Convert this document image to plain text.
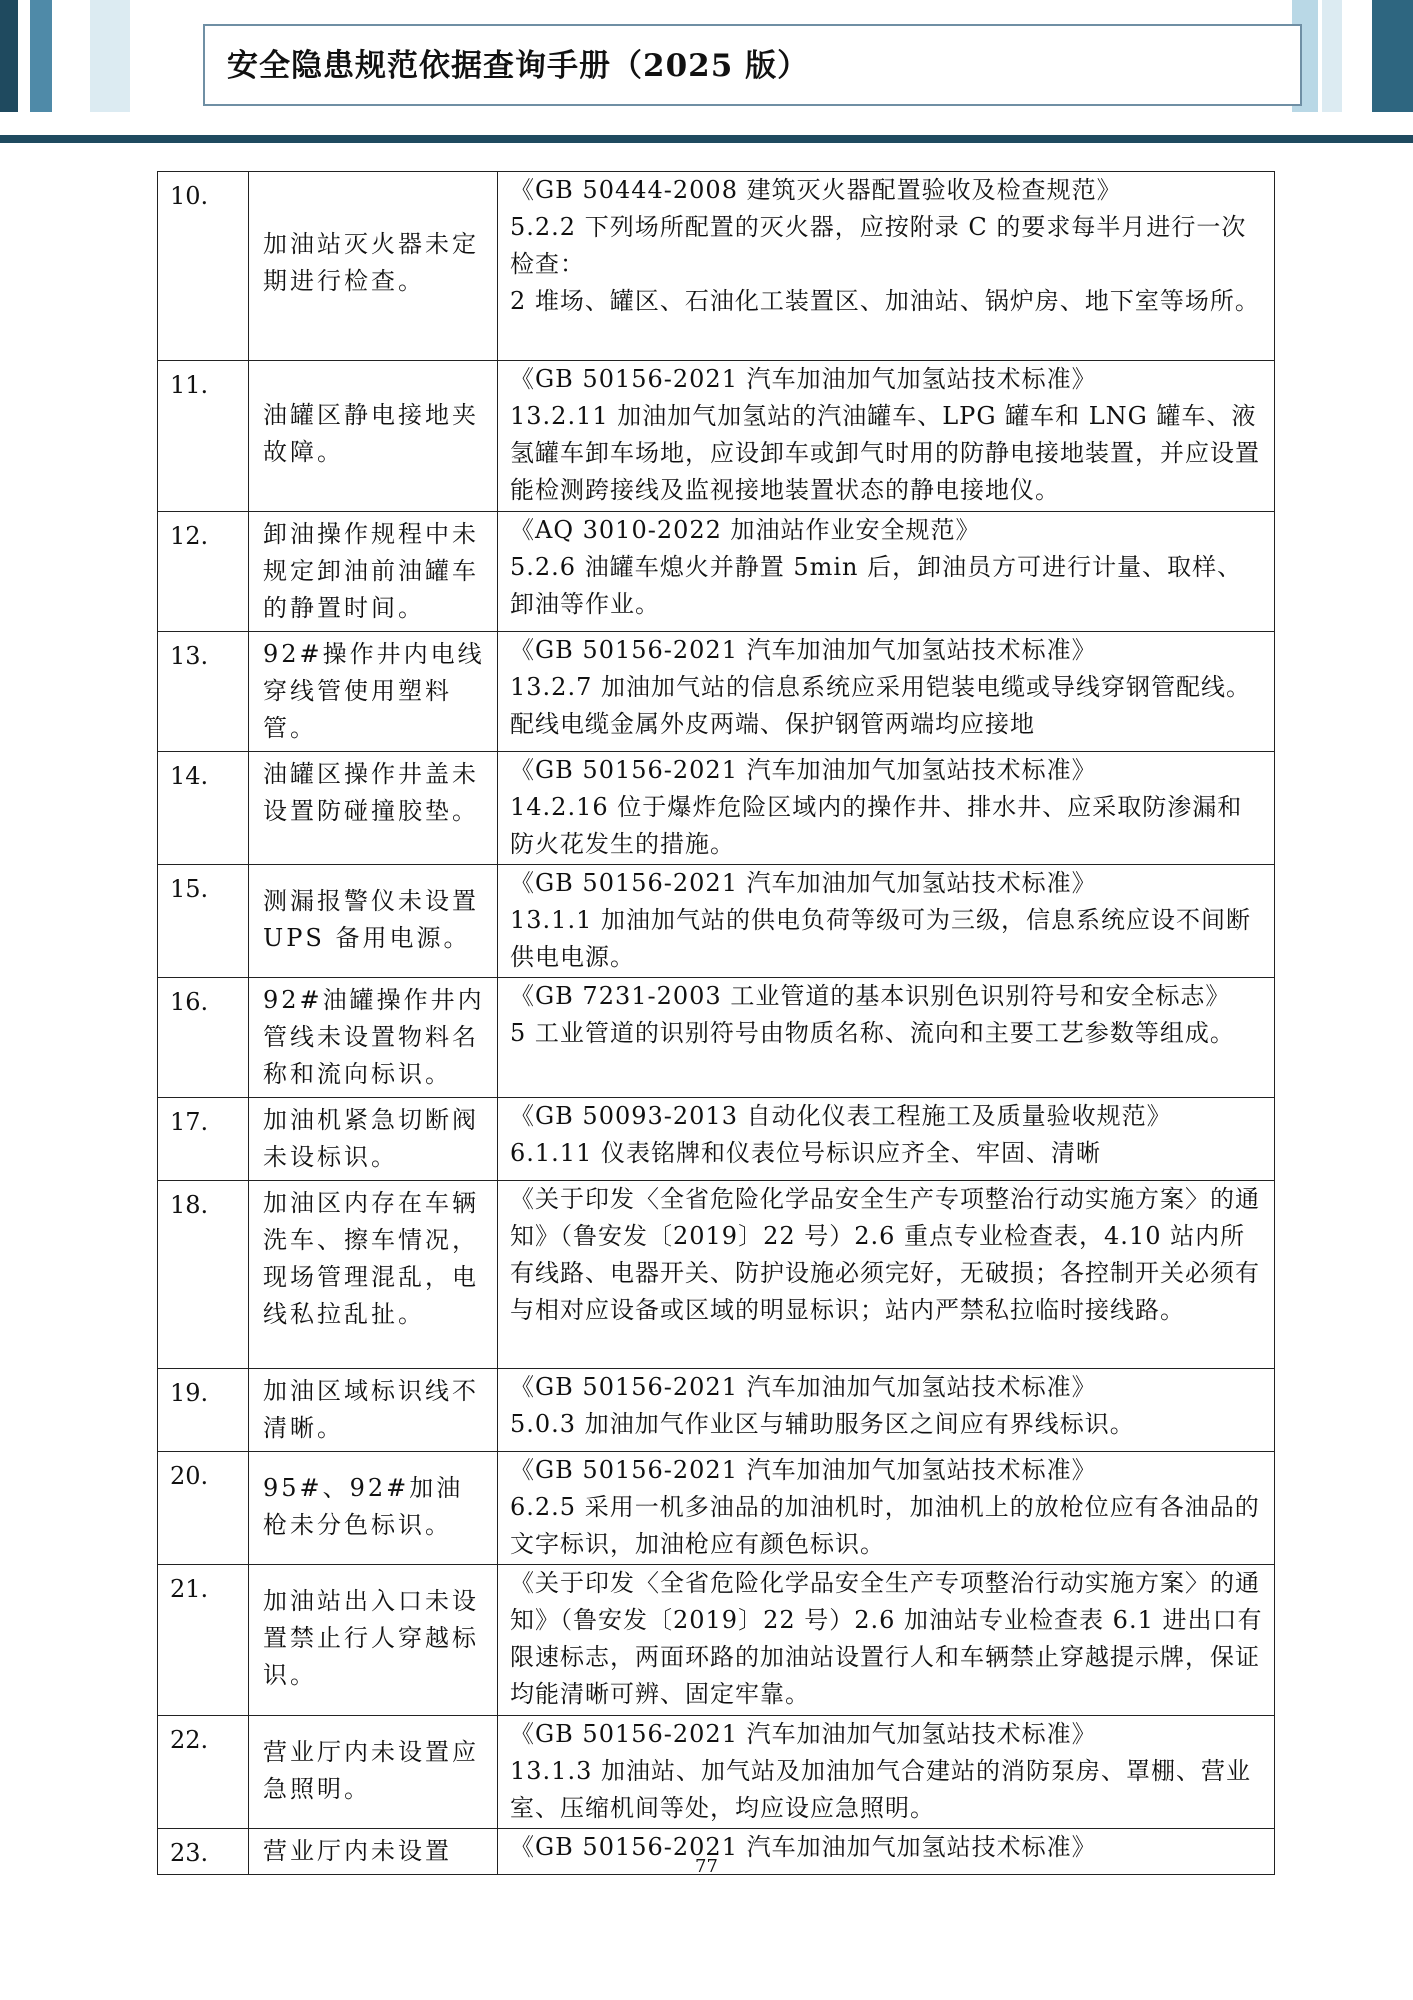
安全隐患规范依据查询手册（2025 版）
10.	加油站灭火器未定期进行检查。	《GB 50444-2008 建筑灭火器配置验收及检查规范》
5.2.2 下列场所配置的灭火器，应按附录 C 的要求每半月进行一次检查：
2 堆场、罐区、石油化工装置区、加油站、锅炉房、地下室等场所。

11.	油罐区静电接地夹故障。	《GB 50156-2021 汽车加油加气加氢站技术标准》
13.2.11 加油加气加氢站的汽油罐车、LPG 罐车和 LNG 罐车、液氢罐车卸车场地，应设卸车或卸气时用的防静电接地装置，并应设置能检测跨接线及监视接地装置状态的静电接地仪。

12.	卸油操作规程中未规定卸油前油罐车的静置时间。	《AQ 3010-2022 加油站作业安全规范》
5.2.6 油罐车熄火并静置 5min 后，卸油员方可进行计量、取样、卸油等作业。

13.	92#操作井内电线穿线管使用塑料管。	《GB 50156-2021 汽车加油加气加氢站技术标准》
13.2.7 加油加气站的信息系统应采用铠装电缆或导线穿钢管配线。配线电缆金属外皮两端、保护钢管两端均应接地

14.	油罐区操作井盖未设置防碰撞胶垫。	《GB 50156-2021 汽车加油加气加氢站技术标准》
14.2.16 位于爆炸危险区域内的操作井、排水井、应采取防渗漏和防火花发生的措施。

15.	测漏报警仪未设置 UPS 备用电源。	《GB 50156-2021 汽车加油加气加氢站技术标准》
13.1.1 加油加气站的供电负荷等级可为三级，信息系统应设不间断供电电源。

16.	92#油罐操作井内管线未设置物料名称和流向标识。	《GB 7231-2003 工业管道的基本识别色识别符号和安全标志》
5 工业管道的识别符号由物质名称、流向和主要工艺参数等组成。

17.	加油机紧急切断阀未设标识。	《GB 50093-2013 自动化仪表工程施工及质量验收规范》
6.1.11 仪表铭牌和仪表位号标识应齐全、牢固、清晰

18.	加油区内存在车辆洗车、擦车情况，现场管理混乱，电线私拉乱扯。	《关于印发〈全省危险化学品安全生产专项整治行动实施方案〉的通知》（鲁安发〔2019〕22 号）2.6 重点专业检查表，4.10 站内所有线路、电器开关、防护设施必须完好，无破损；各控制开关必须有与相对应设备或区域的明显标识；站内严禁私拉临时接线路。

19.	加油区域标识线不清晰。	《GB 50156-2021 汽车加油加气加氢站技术标准》
5.0.3 加油加气作业区与辅助服务区之间应有界线标识。

20.	95#、92#加油枪未分色标识。	《GB 50156-2021 汽车加油加气加氢站技术标准》
6.2.5 采用一机多油品的加油机时，加油机上的放枪位应有各油品的文字标识，加油枪应有颜色标识。

21.	加油站出入口未设置禁止行人穿越标识。	《关于印发〈全省危险化学品安全生产专项整治行动实施方案〉的通知》（鲁安发〔2019〕22 号）2.6 加油站专业检查表 6.1 进出口有限速标志，两面环路的加油站设置行人和车辆禁止穿越提示牌，保证均能清晰可辨、固定牢靠。

22.	营业厅内未设置应急照明。	《GB 50156-2021 汽车加油加气加氢站技术标准》
13.1.3 加油站、加气站及加油加气合建站的消防泵房、罩棚、营业室、压缩机间等处，均应设应急照明。

23.	营业厅内未设置	《GB 50156-2021 汽车加油加气加氢站技术标准》
77
